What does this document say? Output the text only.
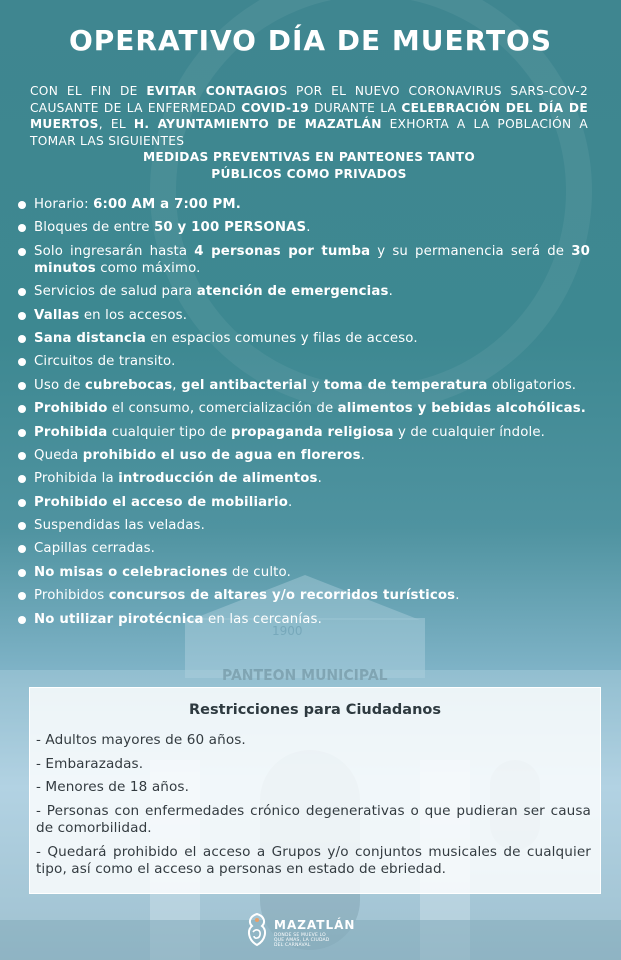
1900
PANTEON MUNICIPAL
OPERATIVO DÍA DE MUERTOS
CON EL FIN DE EVITAR CONTAGIOS POR EL NUEVO CORONAVIRUS SARS-COV-2 CAUSANTE DE LA ENFERMEDAD COVID-19 DURANTE LA CELEBRACIÓN DEL DÍA DE MUERTOS, EL H. AYUNTAMIENTO DE MAZATLÁN EXHORTA A LA POBLACIÓN A TOMAR LAS SIGUIENTES
MEDIDAS PREVENTIVAS EN PANTEONES TANTO
PÚBLICOS COMO PRIVADOS
Horario: 6:00 AM a 7:00 PM.
Bloques de entre 50 y 100 PERSONAS.
Solo ingresarán hasta 4 personas por tumba y su permanencia será de 30 minutos como máximo.
Servicios de salud para atención de emergencias.
Vallas en los accesos.
Sana distancia en espacios comunes y filas de acceso.
Circuitos de transito.
Uso de cubrebocas, gel antibacterial y toma de temperatura obligatorios.
Prohibido el consumo, comercialización de alimentos y bebidas alcohólicas.
Prohibida cualquier tipo de propaganda religiosa y de cualquier índole.
Queda prohibido el uso de agua en floreros.
Prohibida la introducción de alimentos.
Prohibido el acceso de mobiliario.
Suspendidas las veladas.
Capillas cerradas.
No misas o celebraciones de culto.
Prohibidos concursos de altares y/o recorridos turísticos.
No utilizar pirotécnica en las cercanías.
Restricciones para Ciudadanos
- Adultos mayores de 60 años.
- Embarazadas.
- Menores de 18 años.
- Personas con enfermedades crónico degenerativas o que pudieran ser causa de comorbilidad.
- Quedará prohibido el acceso a Grupos y/o conjuntos musicales de cualquier tipo, así como el acceso a personas en estado de ebriedad.
MAZATLÁN
DONDE SE MUEVE LO QUE AMAS, LA CIUDAD DEL CARNAVAL
